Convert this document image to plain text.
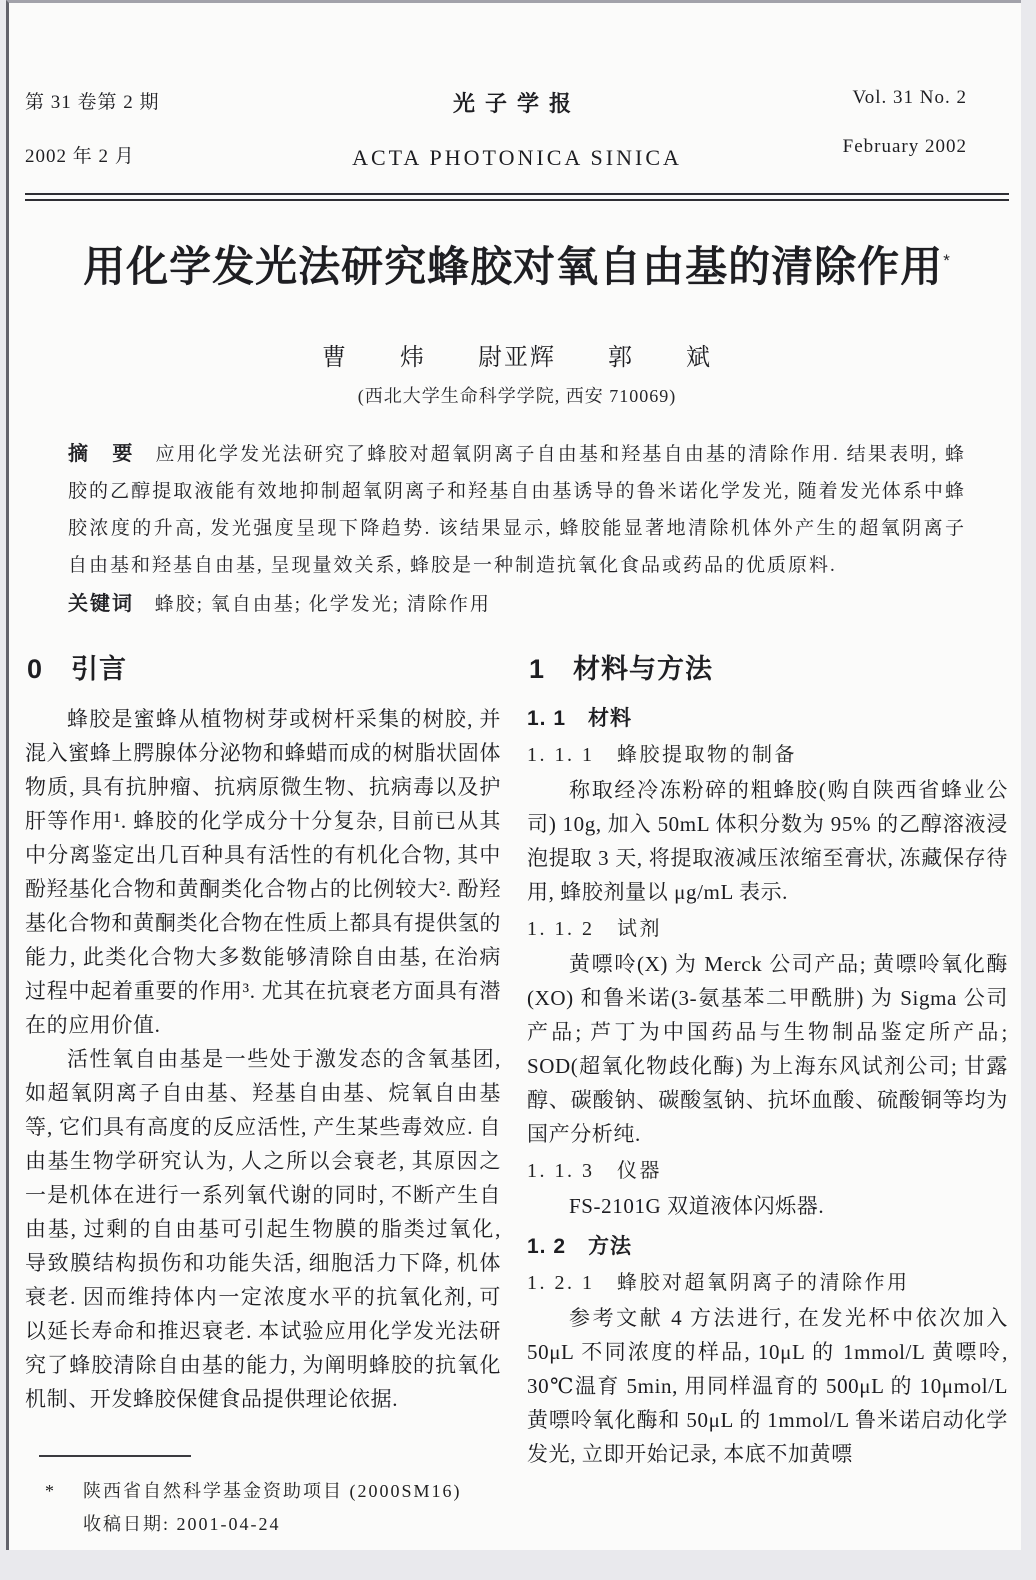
第 31 卷第 2 期
2002 年 2 月
光子学报
ACTA PHOTONICA SINICA
Vol. 31 No. 2
February 2002
用化学发光法研究蜂胶对氧自由基的清除作用*
曹　　炜　　尉亚辉　　郭　　斌
(西北大学生命科学学院, 西安 710069)

摘　要 应用化学发光法研究了蜂胶对超氧阴离子自由基和羟基自由基的清除作用. 结果表明, 蜂胶的乙醇提取液能有效地抑制超氧阴离子和羟基自由基诱导的鲁米诺化学发光, 随着发光体系中蜂胶浓度的升高, 发光强度呈现下降趋势. 该结果显示, 蜂胶能显著地清除机体外产生的超氧阴离子自由基和羟基自由基, 呈现量效关系, 蜂胶是一种制造抗氧化食品或药品的优质原料.

关键词 蜂胶; 氧自由基; 化学发光; 清除作用

0　引言

蜂胶是蜜蜂从植物树芽或树杆采集的树胶, 并混入蜜蜂上腭腺体分泌物和蜂蜡而成的树脂状固体物质, 具有抗肿瘤、抗病原微生物、抗病毒以及护肝等作用¹. 蜂胶的化学成分十分复杂, 目前已从其中分离鉴定出几百种具有活性的有机化合物, 其中酚羟基化合物和黄酮类化合物占的比例较大². 酚羟基化合物和黄酮类化合物在性质上都具有提供氢的能力, 此类化合物大多数能够清除自由基, 在治病过程中起着重要的作用³. 尤其在抗衰老方面具有潜在的应用价值.

活性氧自由基是一些处于激发态的含氧基团, 如超氧阴离子自由基、羟基自由基、烷氧自由基等, 它们具有高度的反应活性, 产生某些毒效应. 自由基生物学研究认为, 人之所以会衰老, 其原因之一是机体在进行一系列氧代谢的同时, 不断产生自由基, 过剩的自由基可引起生物膜的脂类过氧化, 导致膜结构损伤和功能失活, 细胞活力下降, 机体衰老. 因而维持体内一定浓度水平的抗氧化剂, 可以延长寿命和推迟衰老. 本试验应用化学发光法研究了蜂胶清除自由基的能力, 为阐明蜂胶的抗氧化机制、开发蜂胶保健食品提供理论依据.

1　材料与方法
1. 1　材料
1. 1. 1　蜂胶提取物的制备

称取经冷冻粉碎的粗蜂胶(购自陕西省蜂业公司) 10g, 加入 50mL 体积分数为 95% 的乙醇溶液浸泡提取 3 天, 将提取液减压浓缩至膏状, 冻藏保存待用, 蜂胶剂量以 μg/mL 表示.

1. 1. 2　试剂

黄嘌呤(X) 为 Merck 公司产品; 黄嘌呤氧化酶(XO) 和鲁米诺(3-氨基苯二甲酰肼) 为 Sigma 公司产品; 芦丁为中国药品与生物制品鉴定所产品; SOD(超氧化物歧化酶) 为上海东风试剂公司; 甘露醇、碳酸钠、碳酸氢钠、抗坏血酸、硫酸铜等均为国产分析纯.

1. 1. 3　仪器

FS-2101G 双道液体闪烁器.

1. 2　方法
1. 2. 1　蜂胶对超氧阴离子的清除作用

参考文献 4 方法进行, 在发光杯中依次加入 50μL 不同浓度的样品, 10μL 的 1mmol/L 黄嘌呤, 30℃温育 5min, 用同样温育的 500μL 的 10μmol/L 黄嘌呤氧化酶和 50μL 的 1mmol/L 鲁米诺启动化学发光, 立即开始记录, 本底不加黄嘌

* 陕西省自然科学基金资助项目 (2000SM16)
收稿日期: 2001-04-24
